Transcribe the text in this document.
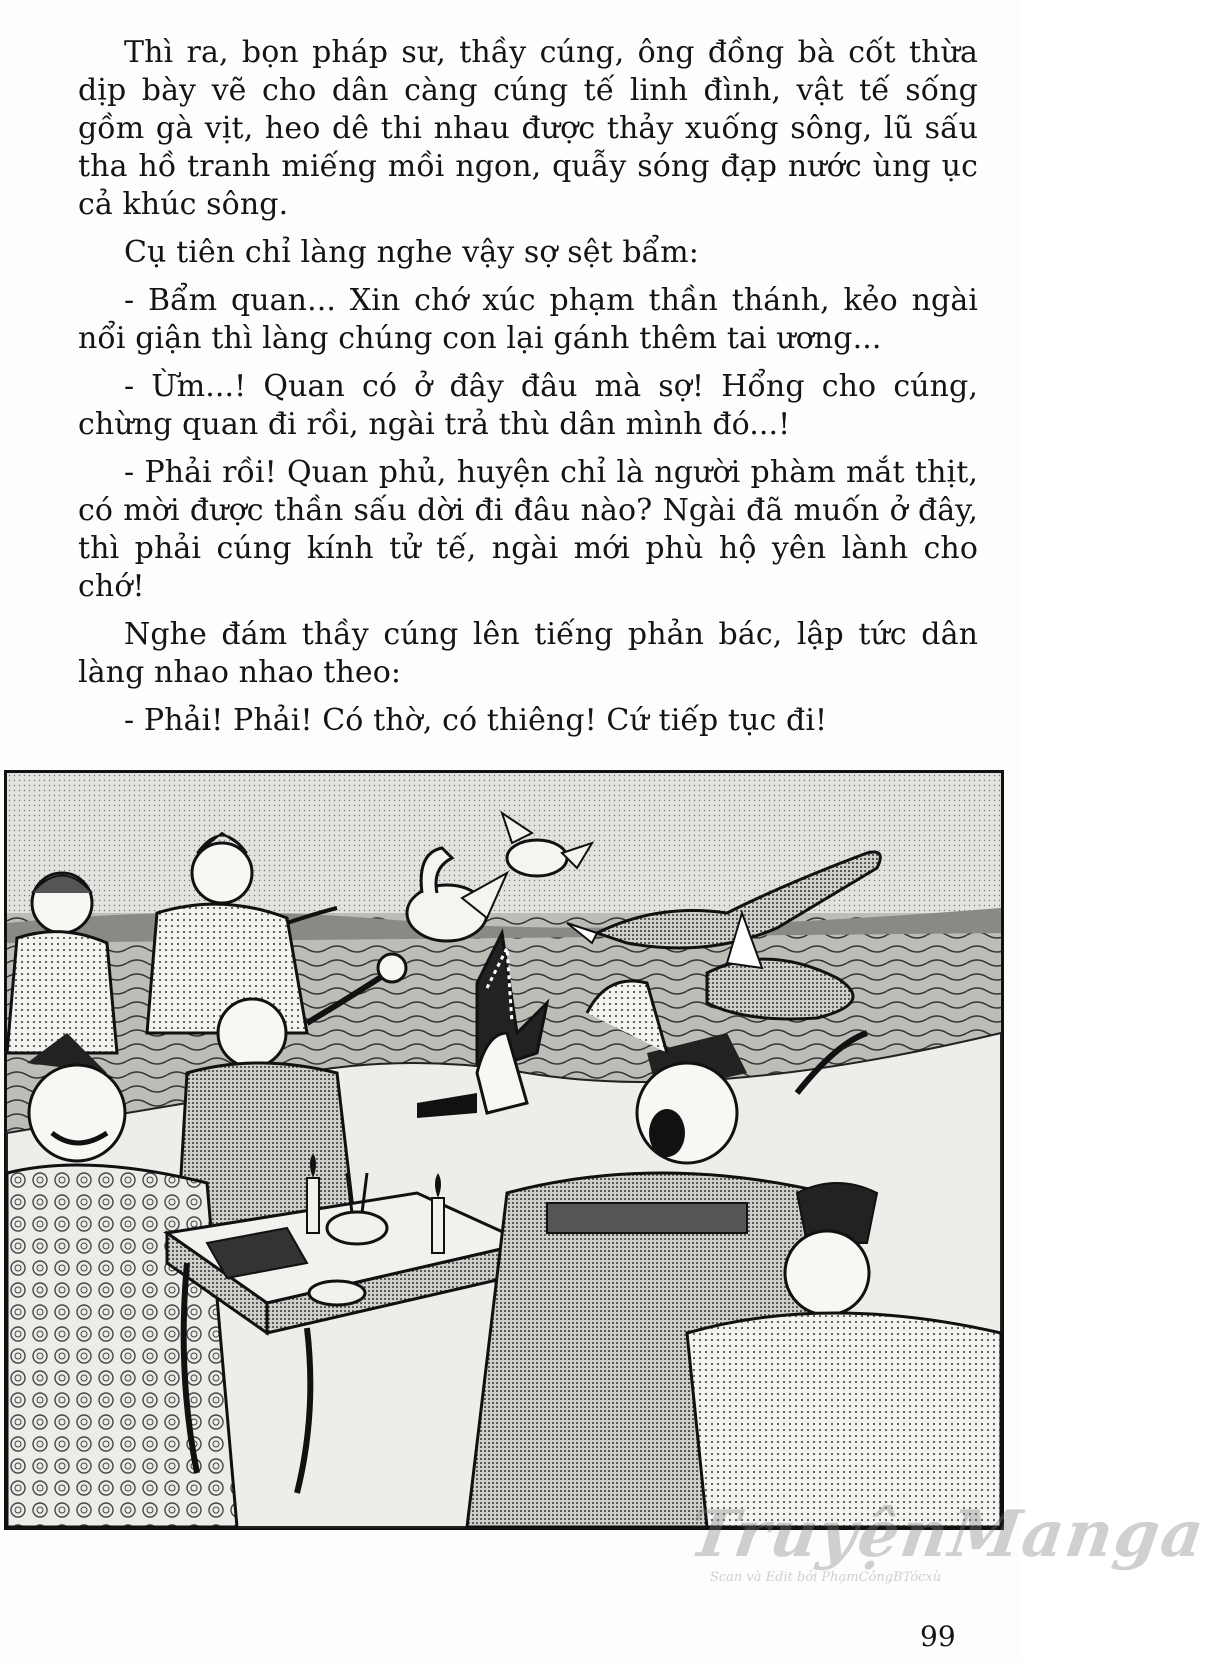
Thì ra, bọn pháp sư, thầy cúng, ông đồng bà cốt thừa dịp bày vẽ cho dân càng cúng tế linh đình, vật tế sống gồm gà vịt, heo dê thi nhau được thảy xuống sông, lũ sấu tha hồ tranh miếng mồi ngon, quẫy sóng đạp nước ùng ục cả khúc sông.

Cụ tiên chỉ làng nghe vậy sợ sệt bẩm:

- Bẩm quan... Xin chớ xúc phạm thần thánh, kẻo ngài nổi giận thì làng chúng con lại gánh thêm tai ương...

- Ừm...! Quan có ở đây đâu mà sợ! Hổng cho cúng, chừng quan đi rồi, ngài trả thù dân mình đó...!

- Phải rồi! Quan phủ, huyện chỉ là người phàm mắt thịt, có mời được thần sấu dời đi đâu nào? Ngài đã muốn ở đây, thì phải cúng kính tử tế, ngài mới phù hộ yên lành cho chớ!

Nghe đám thầy cúng lên tiếng phản bác, lập tức dân làng nhao nhao theo:

- Phải! Phải! Có thờ, có thiêng! Cứ tiếp tục đi!

TruyệnManga
Scan và Edit bởi PhạmCôngBTócxù
99
